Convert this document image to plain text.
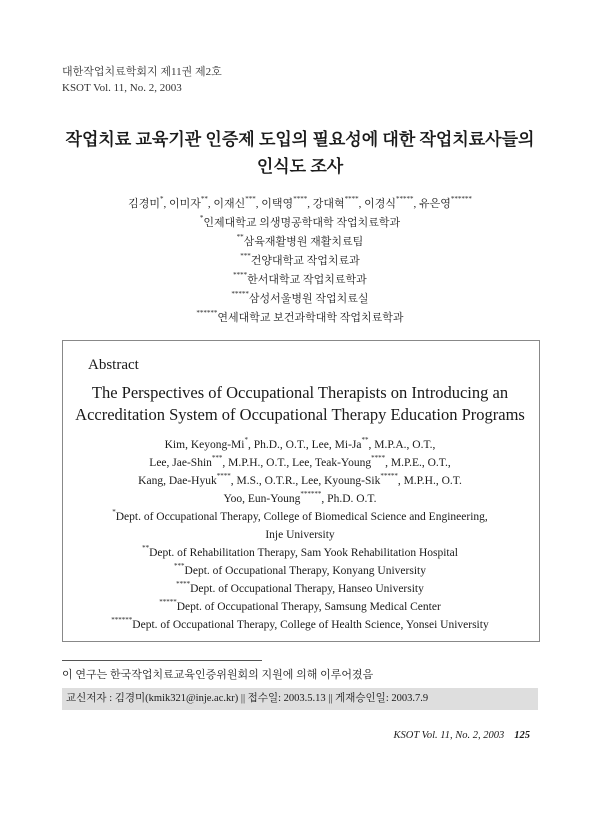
대한작업치료학회지 제11권 제2호
KSOT Vol. 11, No. 2, 2003
작업치료 교육기관 인증제 도입의 필요성에 대한 작업치료사들의
인식도 조사
김경미*, 이미자**, 이재신***, 이택영****, 강대혁****, 이경식*****, 유은영******
*인제대학교 의생명공학대학 작업치료학과
**삼육재활병원 재활치료팀
***건양대학교 작업치료과
****한서대학교 작업치료학과
*****삼성서울병원 작업치료실
******연세대학교 보건과학대학 작업치료학과
Abstract
The Perspectives of Occupational Therapists on Introducing an
Accreditation System of Occupational Therapy Education Programs
Kim, Keyong-Mi*, Ph.D., O.T., Lee, Mi-Ja**, M.P.A., O.T.,
Lee, Jae-Shin***, M.P.H., O.T., Lee, Teak-Young****, M.P.E., O.T.,
Kang, Dae-Hyuk****, M.S., O.T.R., Lee, Kyoung-Sik*****, M.P.H., O.T.
Yoo, Eun-Young******, Ph.D. O.T.
*Dept. of Occupational Therapy, College of Biomedical Science and Engineering,
Inje University
**Dept. of Rehabilitation Therapy, Sam Yook Rehabilitation Hospital
***Dept. of Occupational Therapy, Konyang University
****Dept. of Occupational Therapy, Hanseo University
*****Dept. of Occupational Therapy, Samsung Medical Center
******Dept. of Occupational Therapy, College of Health Science, Yonsei University
이 연구는 한국작업치료교육인증위원회의 지원에 의해 이루어졌음
교신저자 : 김경미(kmik321@inje.ac.kr) || 접수일: 2003.5.13 || 게재승인일: 2003.7.9
KSOT Vol. 11, No. 2, 2003 125
